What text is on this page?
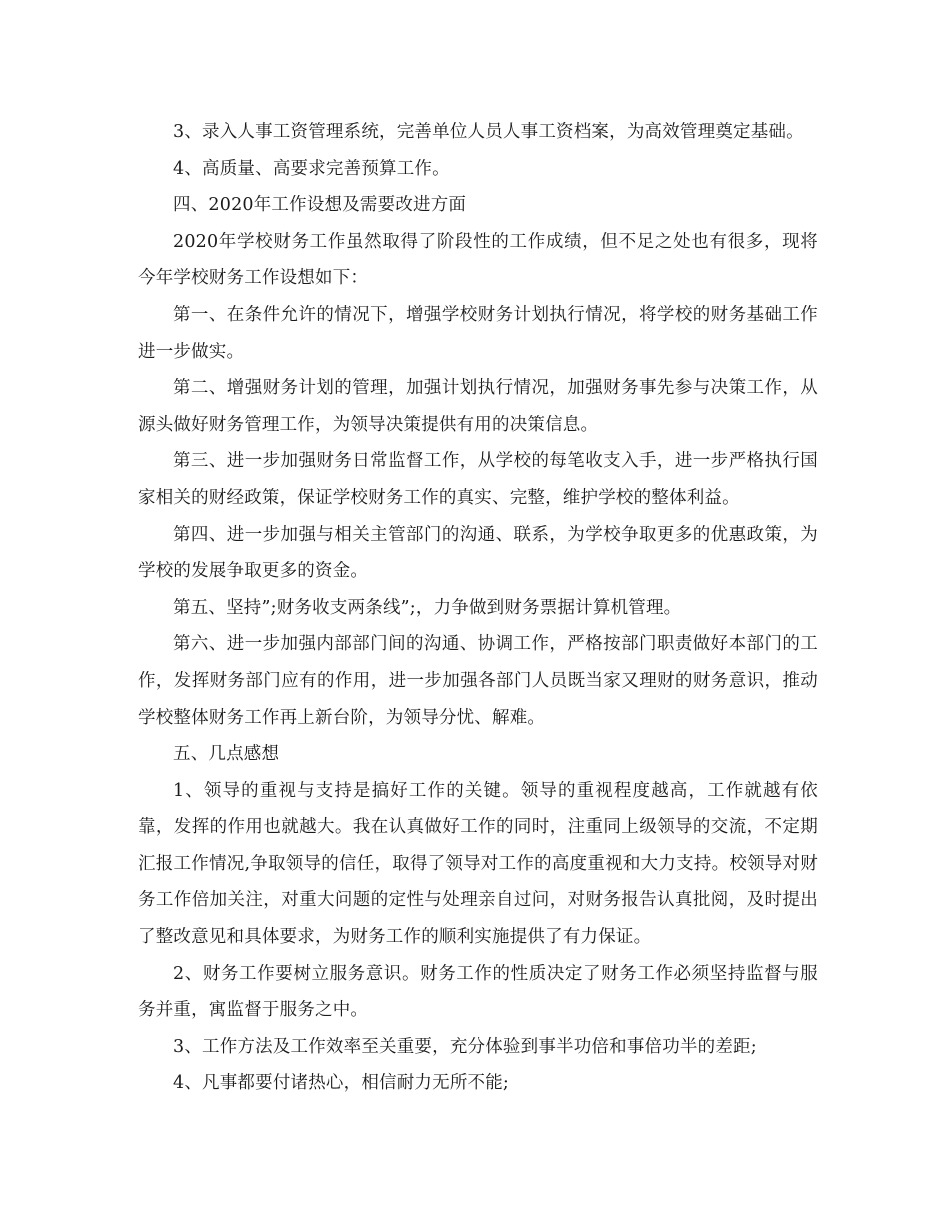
3、录入人事工资管理系统，完善单位人员人事工资档案，为高效管理奠定基础。

4、高质量、高要求完善预算工作。

四、2020年工作设想及需要改进方面

2020年学校财务工作虽然取得了阶段性的工作成绩，但不足之处也有很多，现将今年学校财务工作设想如下：

第一、在条件允许的情况下，增强学校财务计划执行情况，将学校的财务基础工作进一步做实。

第二、增强财务计划的管理，加强计划执行情况，加强财务事先参与决策工作，从源头做好财务管理工作，为领导决策提供有用的决策信息。

第三、进一步加强财务日常监督工作，从学校的每笔收支入手，进一步严格执行国家相关的财经政策，保证学校财务工作的真实、完整，维护学校的整体利益。

第四、进一步加强与相关主管部门的沟通、联系，为学校争取更多的优惠政策，为学校的发展争取更多的资金。

第五、坚持”;财务收支两条线”;，力争做到财务票据计算机管理。

第六、进一步加强内部部门间的沟通、协调工作，严格按部门职责做好本部门的工作，发挥财务部门应有的作用，进一步加强各部门人员既当家又理财的财务意识，推动学校整体财务工作再上新台阶，为领导分忧、解难。

五、几点感想

1、领导的重视与支持是搞好工作的关键。领导的重视程度越高，工作就越有依靠，发挥的作用也就越大。我在认真做好工作的同时，注重同上级领导的交流，不定期汇报工作情况,争取领导的信任，取得了领导对工作的高度重视和大力支持。校领导对财务工作倍加关注，对重大问题的定性与处理亲自过问，对财务报告认真批阅，及时提出了整改意见和具体要求，为财务工作的顺利实施提供了有力保证。

2、财务工作要树立服务意识。财务工作的性质决定了财务工作必须坚持监督与服务并重，寓监督于服务之中。

3、工作方法及工作效率至关重要，充分体验到事半功倍和事倍功半的差距;

4、凡事都要付诸热心，相信耐力无所不能;
